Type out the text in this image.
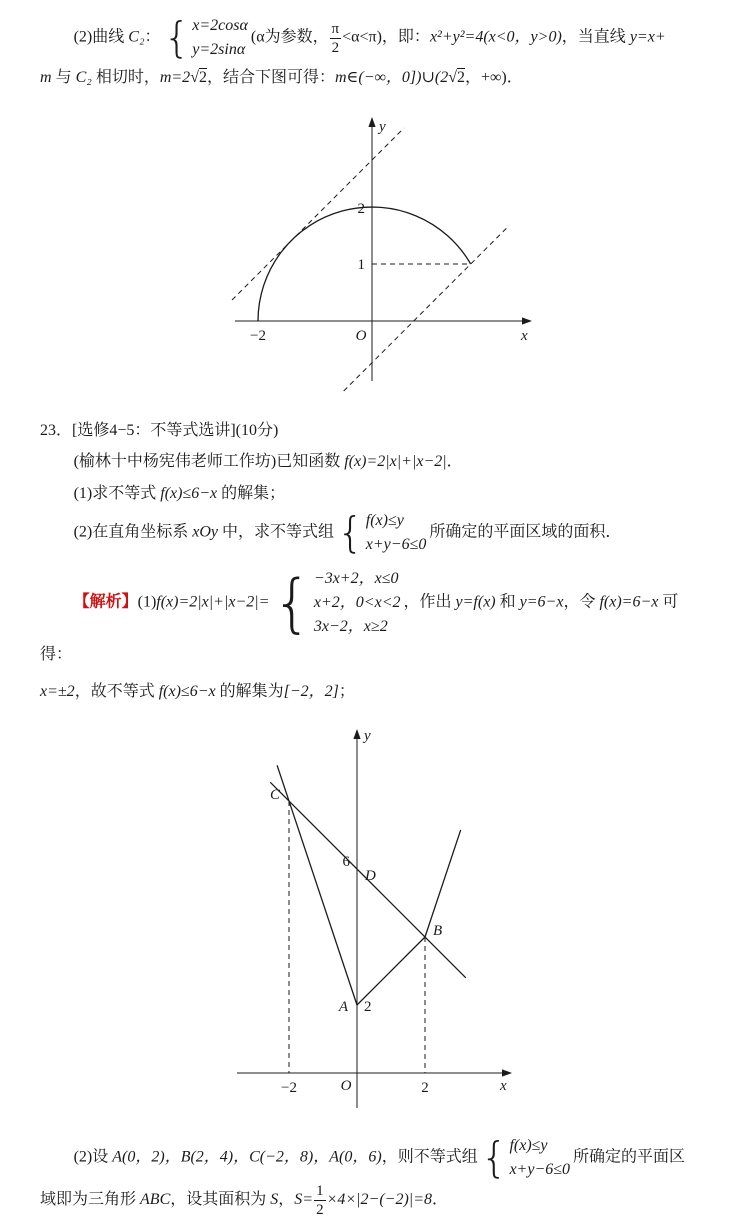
(2)曲线 C₂： { x=2cosα
y=2sinα
(α为参数， $\frac{\pi}{2} <\alpha<\pi$)，即：x²+y²=4(x<0，y>0)，当直线 y=x+
m 与 C₂ 相切时，m=2√2，结合下图可得：m∈(−∞，0])∪(2√2，+∞)．
y
x
O
2
1
−2
23．[选修4−5：不等式选讲](10分)
(榆林十中杨宪伟老师工作坊)已知函数 f(x)=2|x|+|x−2|．
(1)求不等式 f(x)≤6−x 的解集；
(2)在直角坐标系 xOy 中，求不等式组 { f(x)≤y
x+y−6≤0
所确定的平面区域的面积．
【解析】(1)f(x)=2|x|+|x−2|= { −3x+2，x≤0
x+2，0<x<2
3x−2，x≥2
，作出 y=f(x) 和 y=6−x，令 f(x)=6−x 可得：
x=±2，故不等式 f(x)≤6−x 的解集为[−2，2]；
y
x
O
C
D
B
A
6
2
−2	2
(2)设 A(0，2)，B(2，4)，C(−2，8)，A(0，6)，则不等式组 { f(x)≤y
x+y−6≤0
所确定的平面区
域即为三角形 ABC，设其面积为 S，$S= \frac{1}{2} \times 4\times|2-(-2)|=8$．
